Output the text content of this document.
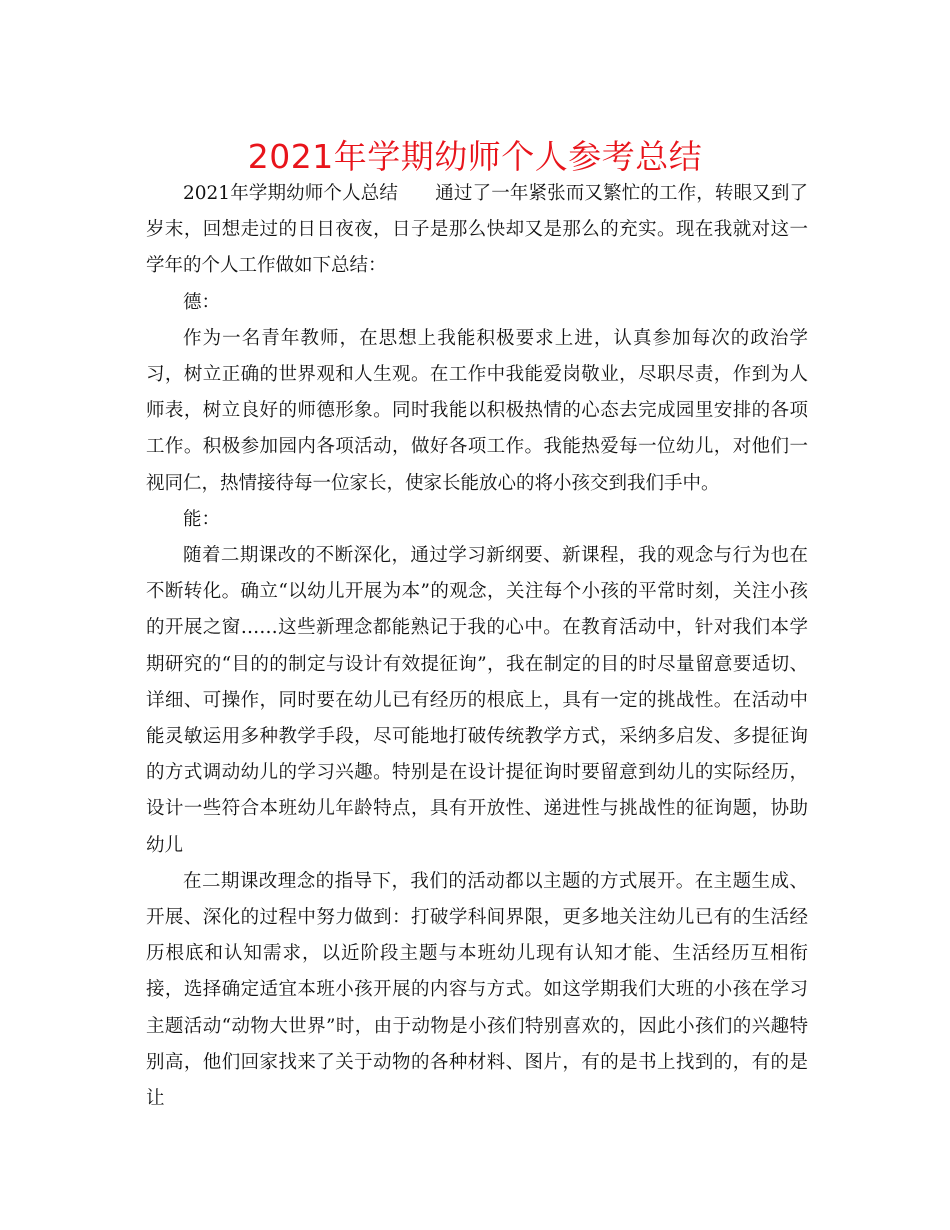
2021年学期幼师个人参考总结

2021年学期幼师个人总结　　通过了一年紧张而又繁忙的工作，转眼又到了岁末，回想走过的日日夜夜，日子是那么快却又是那么的充实。现在我就对这一学年的个人工作做如下总结：

德：

作为一名青年教师，在思想上我能积极要求上进，认真参加每次的政治学习，树立正确的世界观和人生观。在工作中我能爱岗敬业，尽职尽责，作到为人师表，树立良好的师德形象。同时我能以积极热情的心态去完成园里安排的各项工作。积极参加园内各项活动，做好各项工作。我能热爱每一位幼儿，对他们一视同仁，热情接待每一位家长，使家长能放心的将小孩交到我们手中。

能：

随着二期课改的不断深化，通过学习新纲要、新课程，我的观念与行为也在不断转化。确立“以幼儿开展为本”的观念，关注每个小孩的平常时刻，关注小孩的开展之窗……这些新理念都能熟记于我的心中。在教育活动中，针对我们本学期研究的“目的的制定与设计有效提征询”，我在制定的目的时尽量留意要适切、详细、可操作，同时要在幼儿已有经历的根底上，具有一定的挑战性。在活动中能灵敏运用多种教学手段，尽可能地打破传统教学方式，采纳多启发、多提征询的方式调动幼儿的学习兴趣。特别是在设计提征询时要留意到幼儿的实际经历，设计一些符合本班幼儿年龄特点，具有开放性、递进性与挑战性的征询题，协助幼儿

在二期课改理念的指导下，我们的活动都以主题的方式展开。在主题生成、开展、深化的过程中努力做到：打破学科间界限，更多地关注幼儿已有的生活经历根底和认知需求，以近阶段主题与本班幼儿现有认知才能、生活经历互相衔接，选择确定适宜本班小孩开展的内容与方式。如这学期我们大班的小孩在学习主题活动“动物大世界”时，由于动物是小孩们特别喜欢的，因此小孩们的兴趣特别高，他们回家找来了关于动物的各种材料、图片，有的是书上找到的，有的是让
